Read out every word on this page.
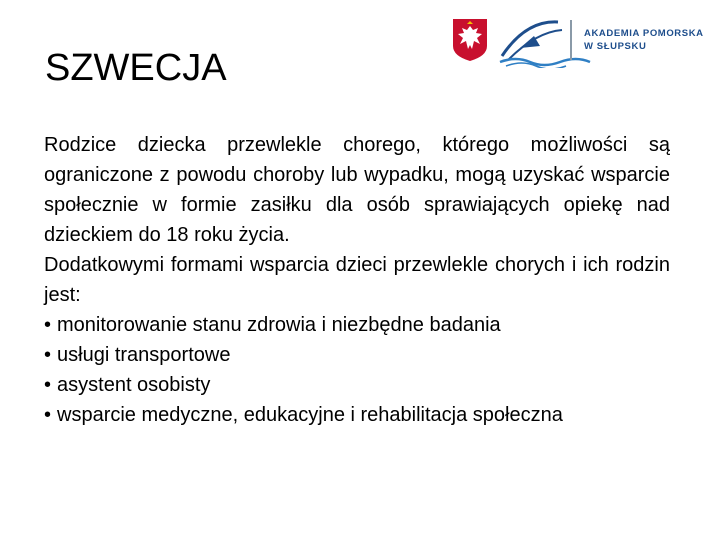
SZWECJA
AKADEMIA POMORSKA
W SŁUPSKU

Rodzice dziecka przewlekle chorego, którego możliwości są ograniczone z powodu choroby lub wypadku, mogą uzyskać wsparcie społecznie w formie zasiłku dla osób sprawiających opiekę nad dzieckiem do 18 roku życia.

Dodatkowymi formami wsparcia dzieci przewlekle chorych i ich rodzin jest:

• monitorowanie stanu zdrowia i niezbędne badania
• usługi transportowe
• asystent osobisty
• wsparcie medyczne, edukacyjne i rehabilitacja społeczna
